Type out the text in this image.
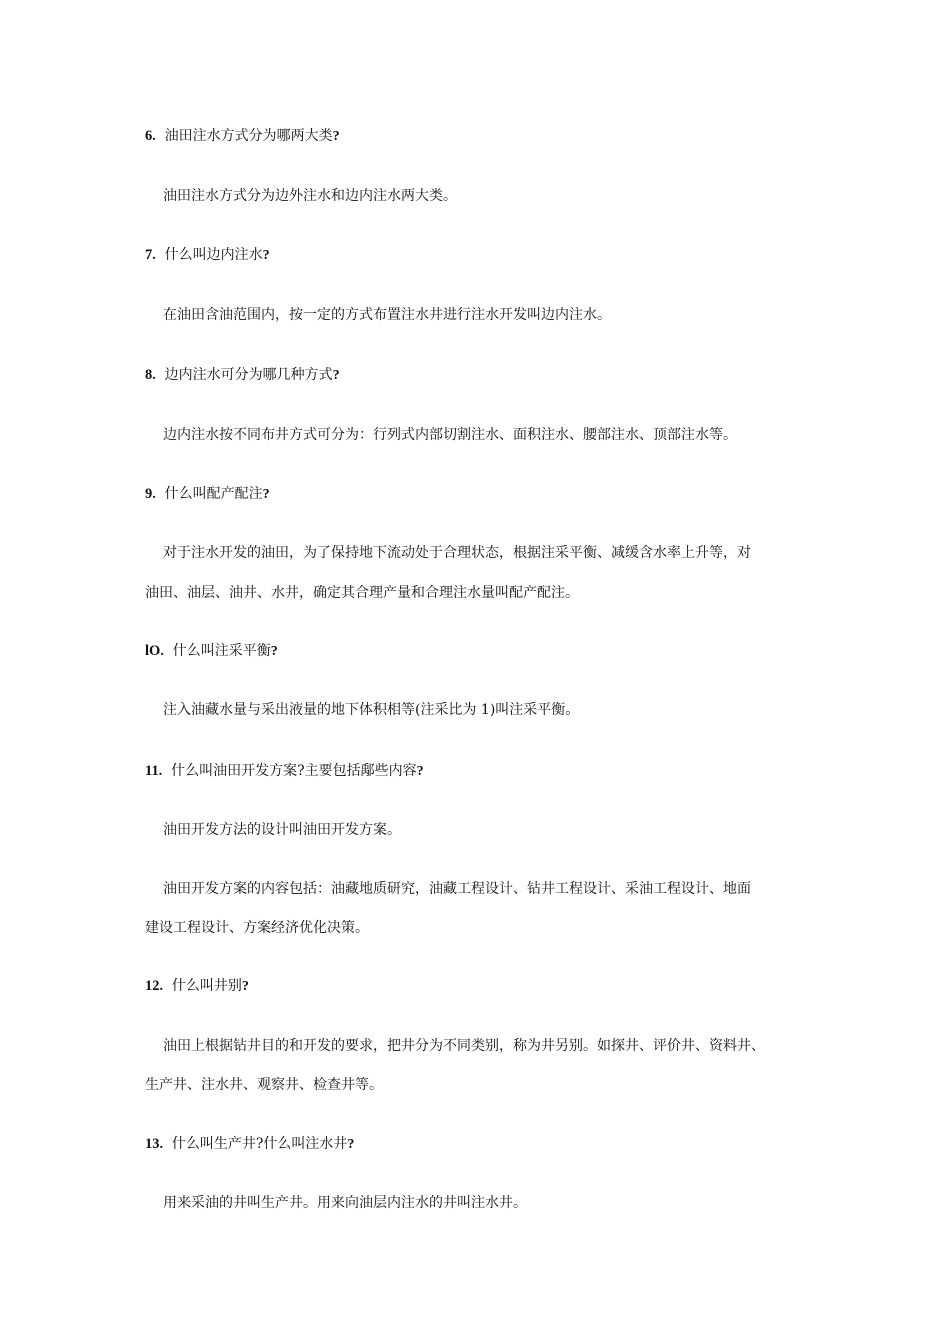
6. 油田注水方式分为哪两大类?
油田注水方式分为边外注水和边内注水两大类。
7. 什么叫边内注水?
在油田含油范围内，按一定的方式布置注水井进行注水开发叫边内注水。
8. 边内注水可分为哪几种方式?
边内注水按不同布井方式可分为：行列式内部切割注水、面积注水、腰部注水、顶部注水等。
9. 什么叫配产配注?
对于注水开发的油田，为了保持地下流动处于合理状态，根据注采平衡、减缓含水率上升等，对
油田、油层、油井、水井，确定其合理产量和合理注水量叫配产配注。
lO. 什么叫注采平衡?
注入油藏水量与采出液量的地下体积相等(注采比为 1)叫注采平衡。
11. 什么叫油田开发方案?主要包括鄅些内容?
油田开发方法的设计叫油田开发方案。
油田开发方案的内容包括：油藏地质研究，油藏工程设计、钻井工程设计、采油工程设计、地面
建设工程设计、方案经济优化决策。
12. 什么叫井别?
油田上根据钻井目的和开发的要求，把井分为不同类别，称为井另别。如探井、评价井、资料井、
生产井、注水井、观察井、检查井等。
13. 什么叫生产井?什么叫注水井?
用来采油的井叫生产井。用来向油层内注水的井叫注水井。
